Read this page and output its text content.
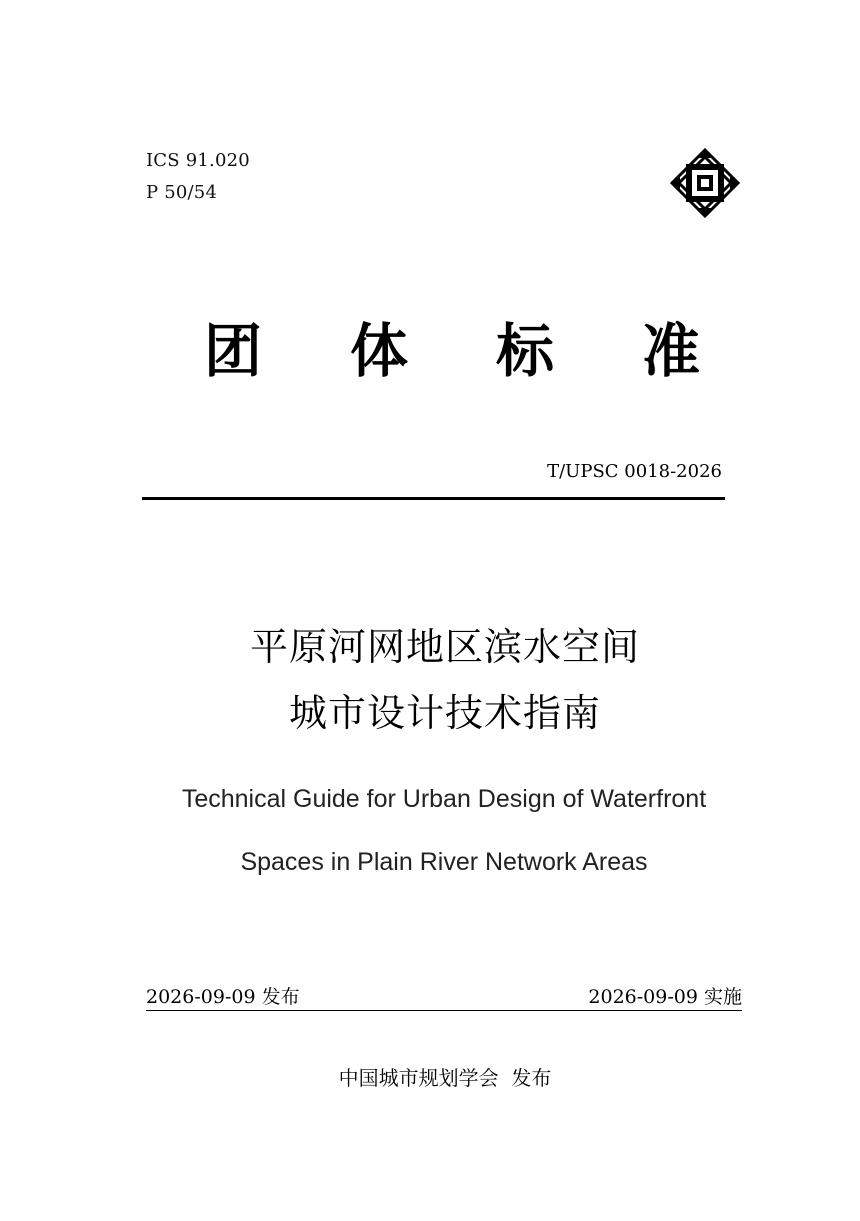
ICS 91.020
P 50/54
团 体 标 准
T/UPSC 0018-2026
平原河网地区滨水空间
城市设计技术指南
Technical Guide for Urban Design of Waterfront
Spaces in Plain River Network Areas
2026-09-09 发布	2026-09-09 实施
中国城市规划学会  发布
